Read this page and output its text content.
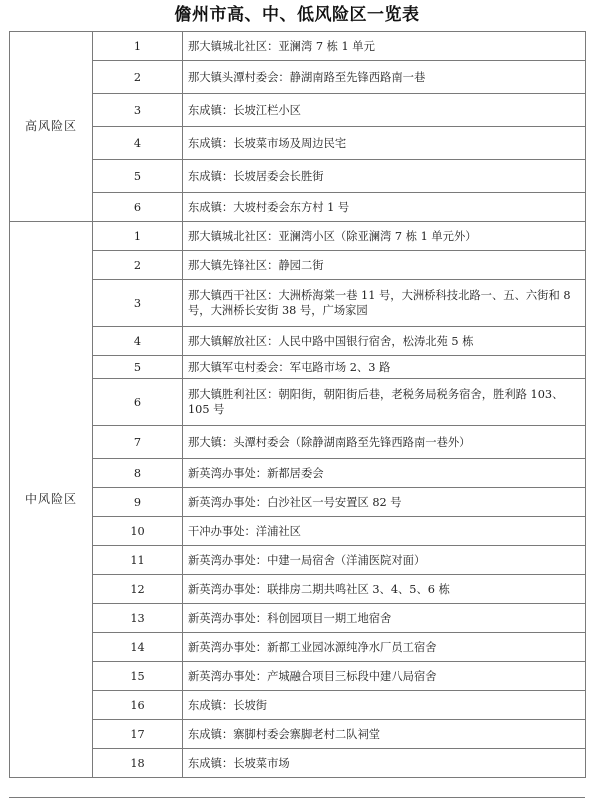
儋州市高、中、低风险区一览表
高风险区	1	那大镇城北社区：亚澜湾 7 栋 1 单元
	2	那大镇头潭村委会：静湖南路至先锋西路南一巷
	3	东成镇：长坡江栏小区
	4	东成镇：长坡菜市场及周边民宅
	5	东成镇：长坡居委会长胜街
	6	东成镇：大坡村委会东方村 1 号
中风险区	1	那大镇城北社区：亚澜湾小区（除亚澜湾 7 栋 1 单元外）
	2	那大镇先锋社区：静园二街
	3	那大镇西干社区：大洲桥海棠一巷 11 号，大洲桥科技北路一、五、六街和 8 号，大洲桥长安街 38 号，广场家园
	4	那大镇解放社区：人民中路中国银行宿舍，松涛北苑 5 栋
	5	那大镇军屯村委会：军屯路市场 2、3 路
	6	那大镇胜利社区：朝阳街，朝阳街后巷，老税务局税务宿舍，胜利路 103、105 号
	7	那大镇：头潭村委会（除静湖南路至先锋西路南一巷外）
	8	新英湾办事处：新都居委会
	9	新英湾办事处：白沙社区一号安置区 82 号
	10	干冲办事处：洋浦社区
	11	新英湾办事处：中建一局宿舍（洋浦医院对面）
	12	新英湾办事处：联排房二期共鸣社区 3、4、5、6 栋
	13	新英湾办事处：科创园项目一期工地宿舍
	14	新英湾办事处：新都工业园冰源纯净水厂员工宿舍
	15	新英湾办事处：产城融合项目三标段中建八局宿舍
	16	东成镇：长坡街
	17	东成镇：寨脚村委会寨脚老村二队祠堂
	18	东成镇：长坡菜市场
